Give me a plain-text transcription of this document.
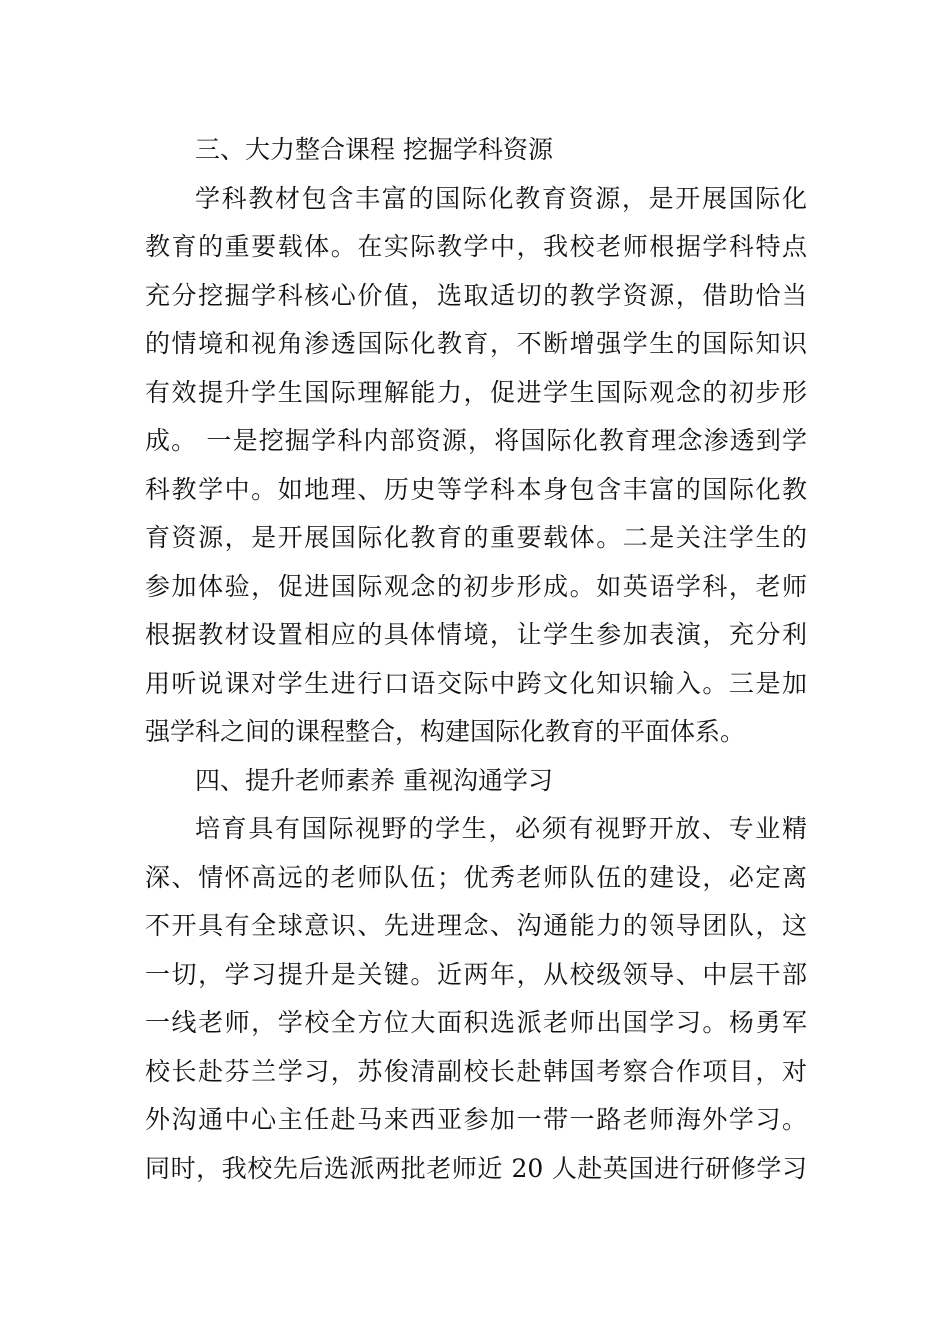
三、大力整合课程 挖掘学科资源
学科教材包含丰富的国际化教育资源，是开展国际化
教育的重要载体。在实际教学中，我校老师根据学科特点
充分挖掘学科核心价值，选取适切的教学资源，借助恰当
的情境和视角渗透国际化教育，不断增强学生的国际知识
有效提升学生国际理解能力，促进学生国际观念的初步形
成。 一是挖掘学科内部资源，将国际化教育理念渗透到学
科教学中。如地理、历史等学科本身包含丰富的国际化教
育资源，是开展国际化教育的重要载体。二是关注学生的
参加体验，促进国际观念的初步形成。如英语学科，老师
根据教材设置相应的具体情境，让学生参加表演，充分利
用听说课对学生进行口语交际中跨文化知识输入。三是加
强学科之间的课程整合，构建国际化教育的平面体系。
四、提升老师素养 重视沟通学习
培育具有国际视野的学生，必须有视野开放、专业精
深、情怀高远的老师队伍；优秀老师队伍的建设，必定离
不开具有全球意识、先进理念、沟通能力的领导团队，这
一切，学习提升是关键。近两年，从校级领导、中层干部
一线老师，学校全方位大面积选派老师出国学习。杨勇军
校长赴芬兰学习，苏俊清副校长赴韩国考察合作项目，对
外沟通中心主任赴马来西亚参加一带一路老师海外学习。
同时，我校先后选派两批老师近 20 人赴英国进行研修学习
